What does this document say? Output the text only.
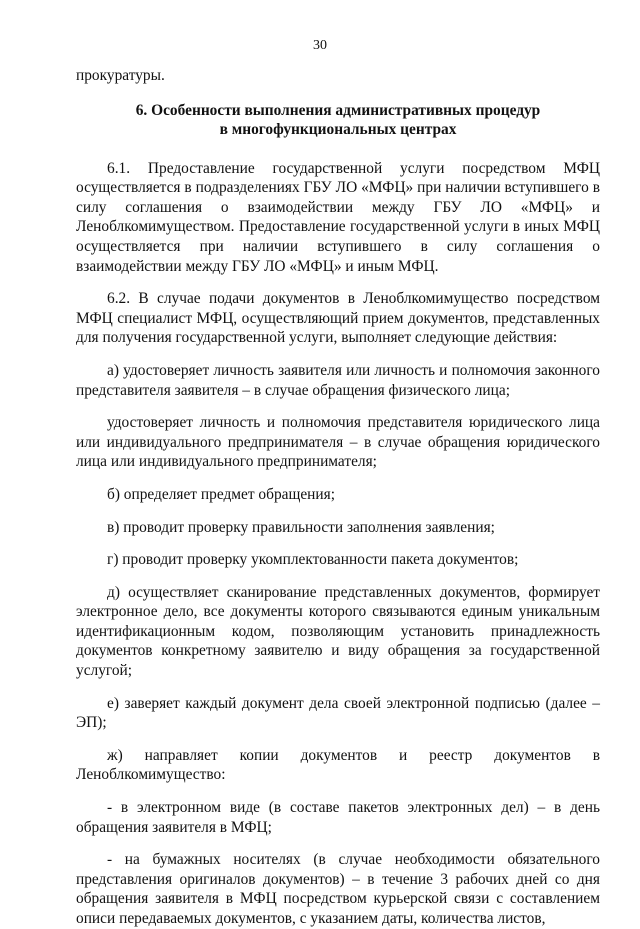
30

прокуратуры.

6. Особенности выполнения административных процедур
в многофункциональных центрах

6.1. Предоставление государственной услуги посредством МФЦ осуществляется в подразделениях ГБУ ЛО «МФЦ» при наличии вступившего в силу соглашения о взаимодействии между ГБУ ЛО «МФЦ» и Леноблкомимуществом. Предоставление государственной услуги в иных МФЦ осуществляется при наличии вступившего в силу соглашения о взаимодействии между ГБУ ЛО «МФЦ» и иным МФЦ.

6.2. В случае подачи документов в Леноблкомимущество посредством МФЦ специалист МФЦ, осуществляющий прием документов, представленных для получения государственной услуги, выполняет следующие действия:

а) удостоверяет личность заявителя или личность и полномочия законного представителя заявителя – в случае обращения физического лица;

удостоверяет личность и полномочия представителя юридического лица или индивидуального предпринимателя – в случае обращения юридического лица или индивидуального предпринимателя;

б) определяет предмет обращения;

в) проводит проверку правильности заполнения заявления;

г) проводит проверку укомплектованности пакета документов;

д) осуществляет сканирование представленных документов, формирует электронное дело, все документы которого связываются единым уникальным идентификационным кодом, позволяющим установить принадлежность документов конкретному заявителю и виду обращения за государственной услугой;

е) заверяет каждый документ дела своей электронной подписью (далее – ЭП);

ж) направляет копии документов и реестр документов в Леноблкомимущество:

- в электронном виде (в составе пакетов электронных дел) – в день обращения заявителя в МФЦ;

- на бумажных носителях (в случае необходимости обязательного представления оригиналов документов) – в течение 3 рабочих дней со дня обращения заявителя в МФЦ посредством курьерской связи с составлением описи передаваемых документов, с указанием даты, количества листов,
